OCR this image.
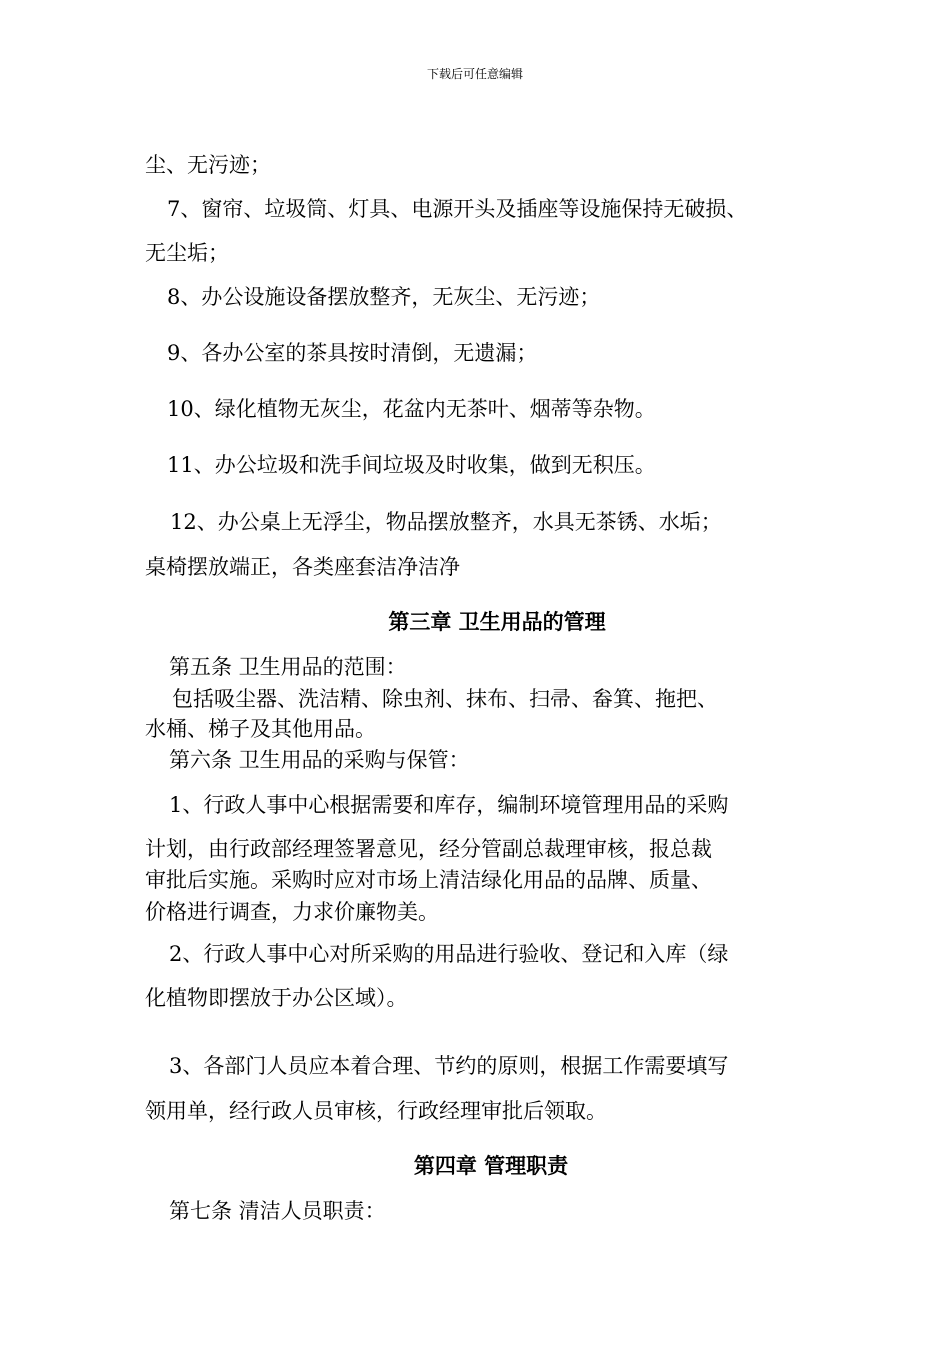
下载后可任意编辑
尘、无污迹；
7、窗帘、垃圾筒、灯具、电源开头及插座等设施保持无破损、
无尘垢；
8、办公设施设备摆放整齐，无灰尘、无污迹；
9、各办公室的茶具按时清倒，无遗漏；
10、绿化植物无灰尘，花盆内无茶叶、烟蒂等杂物。
11、办公垃圾和洗手间垃圾及时收集，做到无积压。
12、办公桌上无浮尘，物品摆放整齐，水具无茶锈、水垢；
桌椅摆放端正，各类座套洁净洁净
第三章 卫生用品的管理
第五条 卫生用品的范围：
包括吸尘器、洗洁精、除虫剂、抹布、扫帚、畚箕、拖把、
水桶、梯子及其他用品。
第六条 卫生用品的采购与保管：
1、行政人事中心根据需要和库存，编制环境管理用品的采购
计划，由行政部经理签署意见，经分管副总裁理审核，报总裁
审批后实施。采购时应对市场上清洁绿化用品的品牌、质量、
价格进行调查，力求价廉物美。
2、行政人事中心对所采购的用品进行验收、登记和入库（绿
化植物即摆放于办公区域）。
3、各部门人员应本着合理、节约的原则，根据工作需要填写
领用单，经行政人员审核，行政经理审批后领取。
第四章 管理职责
第七条 清洁人员职责：
